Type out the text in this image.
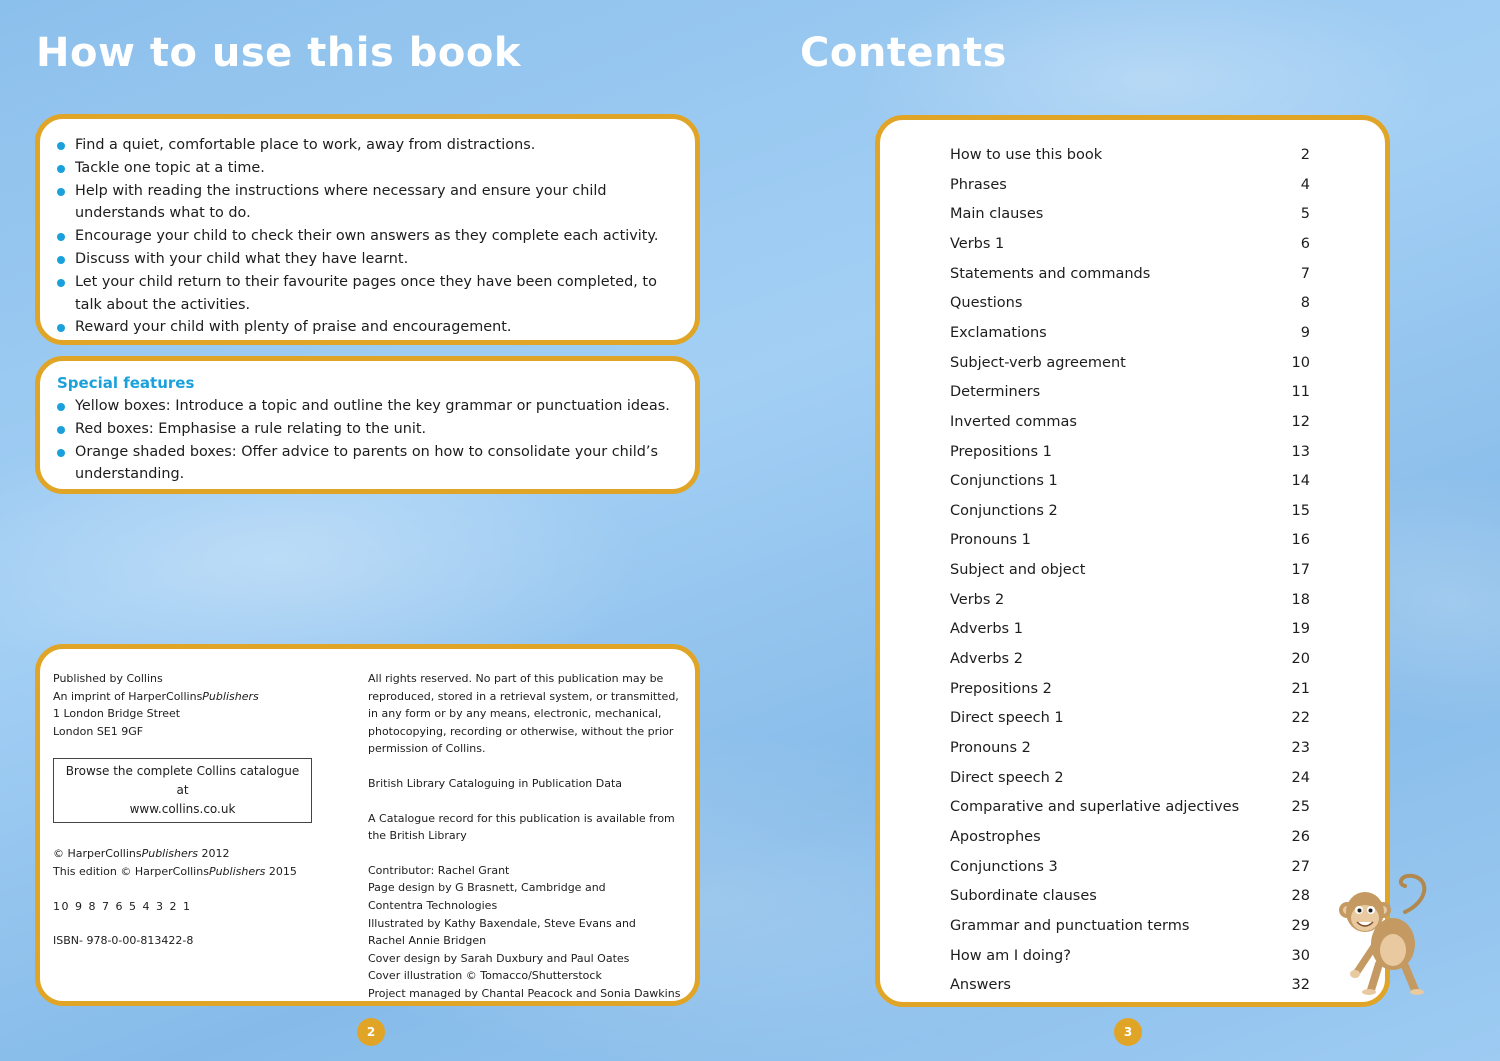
How to use this book
Find a quiet, comfortable place to work, away from distractions.
Tackle one topic at a time.
Help with reading the instructions where necessary and ensure your child understands what to do.
Encourage your child to check their own answers as they complete each activity.
Discuss with your child what they have learnt.
Let your child return to their favourite pages once they have been completed, to talk about the activities.
Reward your child with plenty of praise and encouragement.
Special features
Yellow boxes: Introduce a topic and outline the key grammar or punctuation ideas.
Red boxes: Emphasise a rule relating to the unit.
Orange shaded boxes: Offer advice to parents on how to consolidate your child’s understanding.

Published by Collins

An imprint of HarperCollinsPublishers

1 London Bridge Street

London SE1 9GF

Browse the complete Collins catalogue at
www.collins.co.uk

© HarperCollinsPublishers 2012

This edition © HarperCollinsPublishers 2015

10 9 8 7 6 5 4 3 2 1

ISBN- 978-0-00-813422-8

All rights reserved. No part of this publication may be reproduced, stored in a retrieval system, or transmitted, in any form or by any means, electronic, mechanical, photocopying, recording or otherwise, without the prior permission of Collins.

British Library Cataloguing in Publication Data

A Catalogue record for this publication is available from the British Library

Contributor: Rachel Grant

Page design by G Brasnett, Cambridge and

Contentra Technologies

Illustrated by Kathy Baxendale, Steve Evans and

Rachel Annie Bridgen

Cover design by Sarah Duxbury and Paul Oates

Cover illustration © Tomacco/Shutterstock

Project managed by Chantal Peacock and Sonia Dawkins

2
Contents
How to use this book	2
Phrases	4
Main clauses	5
Verbs 1	6
Statements and commands	7
Questions	8
Exclamations	9
Subject-verb agreement	10
Determiners	11
Inverted commas	12
Prepositions 1	13
Conjunctions 1	14
Conjunctions 2	15
Pronouns 1	16
Subject and object	17
Verbs 2	18
Adverbs 1	19
Adverbs 2	20
Prepositions 2	21
Direct speech 1	22
Pronouns 2	23
Direct speech 2	24
Comparative and superlative adjectives	25
Apostrophes	26
Conjunctions 3	27
Subordinate clauses	28
Grammar and punctuation terms	29
How am I doing?	30
Answers	32
3
